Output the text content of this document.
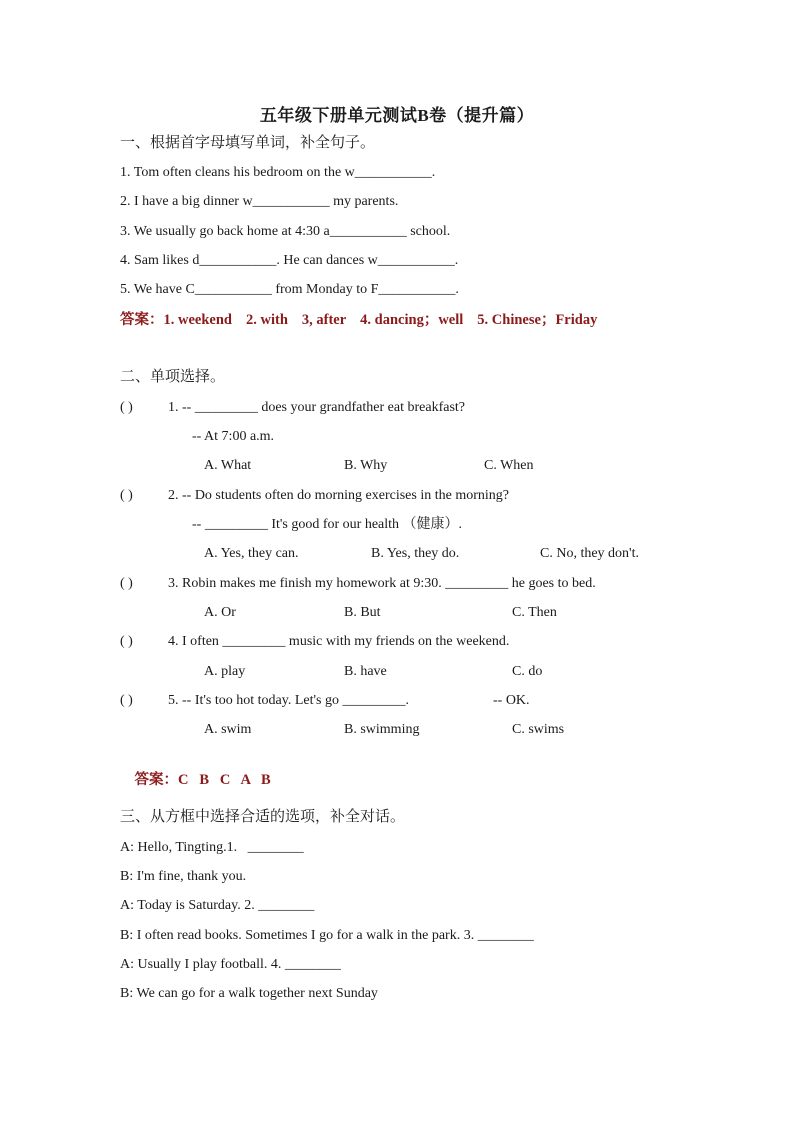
五年级下册单元测试B卷（提升篇）
一、根据首字母填写单词，补全句子。
1. Tom often cleans his bedroom on the w___________.
2. I have a big dinner w___________ my parents.
3. We usually go back home at 4:30 a___________ school.
4. Sam likes d___________. He can dances w___________.
5. We have C___________ from Monday to F___________.
答案：1. weekend 2. with 3, after 4. dancing；well 5. Chinese；Friday
二、单项选择。
( )	1. -- _________ does your grandfather eat breakfast?
-- At 7:00 a.m.
A. What	B. Why	C. When
( )	2. -- Do students often do morning exercises in the morning?
-- _________ It's good for our health （健康）.
A. Yes, they can.	B. Yes, they do.	C. No, they don't.
( )	3. Robin makes me finish my homework at 9:30. _________ he goes to bed.
A. Or	B. But	C. Then
( )	4. I often _________ music with my friends on the weekend.
A. play	B. have	C. do
( )	5. -- It's too hot today. Let's go _________.	-- OK.
A. swim	B. swimming	C. swims

答案：C   B   C   A   B

三、从方框中选择合适的选项，补全对话。
A: Hello, Tingting.1.   ________
B: I'm fine, thank you.
A: Today is Saturday. 2. ________
B: I often read books. Sometimes I go for a walk in the park. 3. ________
A: Usually I play football. 4. ________
B: We can go for a walk together next Sunday
